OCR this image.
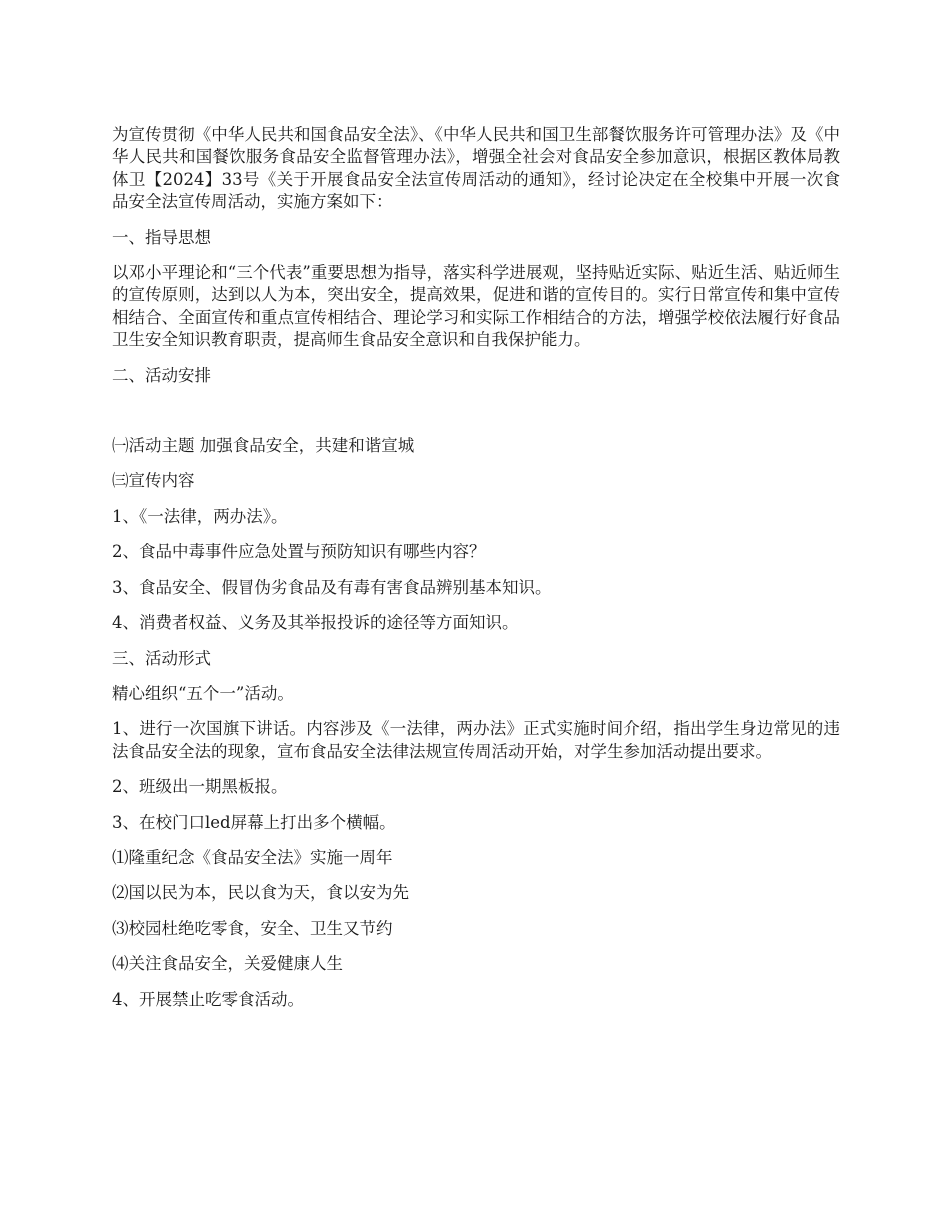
为宣传贯彻《中华人民共和国食品安全法》、《中华人民共和国卫生部餐饮服务许可管理办法》及《中华人民共和国餐饮服务食品安全监督管理办法》，增强全社会对食品安全参加意识，根据区教体局教体卫【2024】33号《关于开展食品安全法宣传周活动的通知》，经讨论决定在全校集中开展一次食品安全法宣传周活动，实施方案如下：

一、指导思想

以邓小平理论和“三个代表”重要思想为指导，落实科学进展观，坚持贴近实际、贴近生活、贴近师生的宣传原则，达到以人为本，突出安全，提高效果，促进和谐的宣传目的。实行日常宣传和集中宣传相结合、全面宣传和重点宣传相结合、理论学习和实际工作相结合的方法，增强学校依法履行好食品卫生安全知识教育职责，提高师生食品安全意识和自我保护能力。

二、活动安排

㈠活动主题 加强食品安全，共建和谐宣城

㈢宣传内容

1、《一法律，两办法》。

2、食品中毒事件应急处置与预防知识有哪些内容？

3、食品安全、假冒伪劣食品及有毒有害食品辨别基本知识。

4、消费者权益、义务及其举报投诉的途径等方面知识。

三、活动形式

精心组织“五个一”活动。

1、进行一次国旗下讲话。内容涉及《一法律，两办法》正式实施时间介绍，指出学生身边常见的违法食品安全法的现象，宣布食品安全法律法规宣传周活动开始，对学生参加活动提出要求。

2、班级出一期黑板报。

3、在校门口led屏幕上打出多个横幅。

⑴隆重纪念《食品安全法》实施一周年

⑵国以民为本，民以食为天，食以安为先

⑶校园杜绝吃零食，安全、卫生又节约

⑷关注食品安全，关爱健康人生

4、开展禁止吃零食活动。
